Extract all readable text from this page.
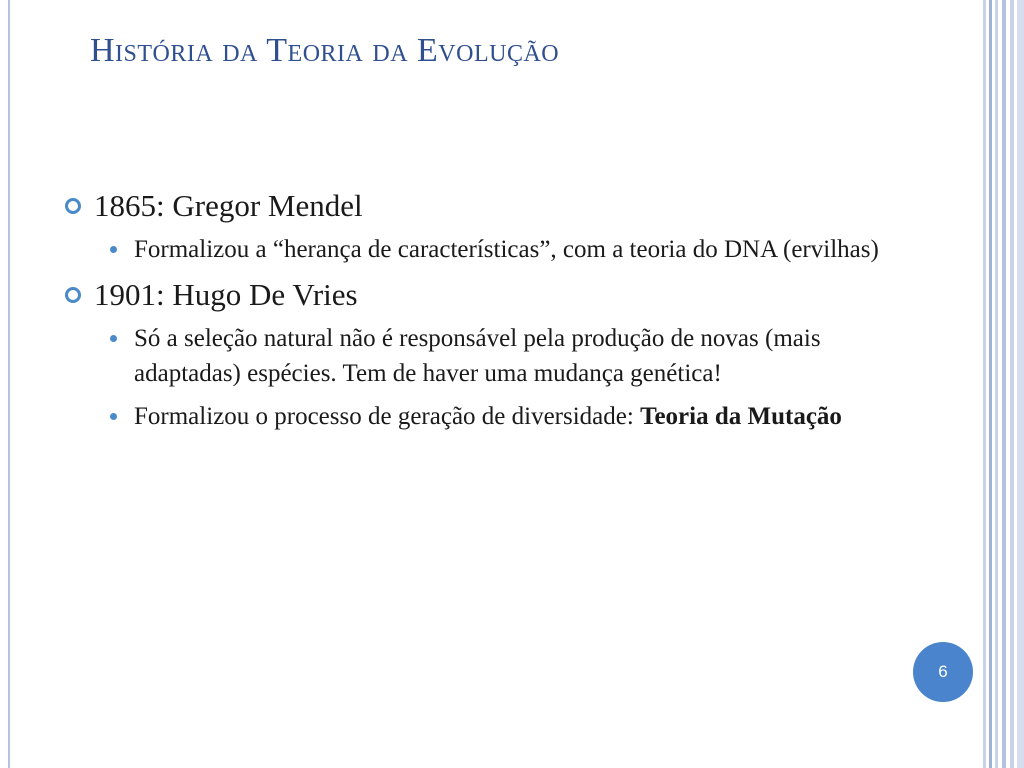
História da Teoria da Evolução
1865: Gregor Mendel
Formalizou a “herança de características”, com a teoria do DNA (ervilhas)
1901: Hugo De Vries
Só a seleção natural não é responsável pela produção de novas (mais adaptadas) espécies. Tem de haver uma mudança genética!
Formalizou o processo de geração de diversidade: Teoria da Mutação
6
